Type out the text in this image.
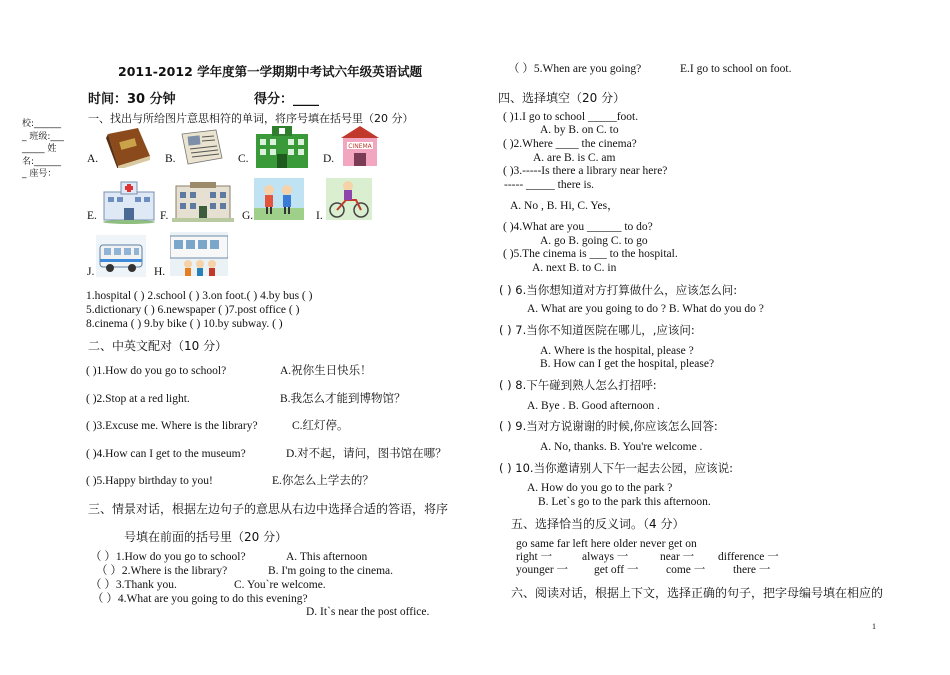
2011-2012 学年度第一学期期中考试六年级英语试题
时间：30 分钟	得分：____
校:______
_ 班级:___
_____ 姓
名:______
_ 座号：
一、找出与所给图片意思相符的单词，将序号填在括号里（20 分）
A.	B.	C.	D.
CINEMA
E.	F.	G.	I.
J.	H.
1.hospital ( ) 2.school ( ) 3.on foot.( ) 4.by bus ( )
5.dictionary ( ) 6.newspaper ( )7.post office ( )
8.cinema ( ) 9.by bike ( ) 10.by subway. ( )
二、中英文配对（10 分）
( )1.How do you go to school?	A.祝你生日快乐！
( )2.Stop at a red light.	B.我怎么才能到博物馆？
( )3.Excuse me. Where is the library?	C.红灯停。
( )4.How can I get to the museum?	D.对不起，请问，图书馆在哪？
( )5.Happy birthday to you!	E.你怎么上学去的？
三、情景对话，根据左边句子的意思从右边中选择合适的答语，将序
号填在前面的括号里（20 分）
（ ）1.How do you go to school?	A. This afternoon
（ ）2.Where is the library?	B. I'm going to the cinema.
（ ）3.Thank you.	C. You`re welcome.
（ ）4.What are you going to do this evening?
D. It`s near the post office.
（ ）5.When are you going?	E.I go to school on foot.
四、选择填空（20 分）
( )1.I go to school _____foot.
A. by B. on C. to
( )2.Where ____ the cinema?
A. are B. is C. am
( )3.-----Is there a library near here?
----- _____ there is.
A. No , B. Hi, C. Yes，
( )4.What are you ______ to do?
A. go B. going C. to go
( )5.The cinema is ___ to the hospital.
A. next B. to C. in
( ) 6.当你想知道对方打算做什么，应该怎么问:
A. What are you going to do ? B. What do you do ?
( ) 7.当你不知道医院在哪儿，,应该问:
A. Where is the hospital, please ?
B. How can I get the hospital, please?
( ) 8.下午碰到熟人怎么打招呼:
A. Bye . B. Good afternoon .
( ) 9.当对方说谢谢的时候,你应该怎么回答:
A. No, thanks. B. You're welcome .
( ) 10.当你邀请别人下午一起去公园，应该说:
A. How do you go to the park ?
B. Let`s go to the park this afternoon.
五、选择恰当的反义词。（4 分）
go same far left here older never get on
right 一	always 一	near 一 difference 一
younger 一 get off 一 come 一 there 一
六、阅读对话，根据上下文，选择正确的句子，把字母编号填在相应的
1
